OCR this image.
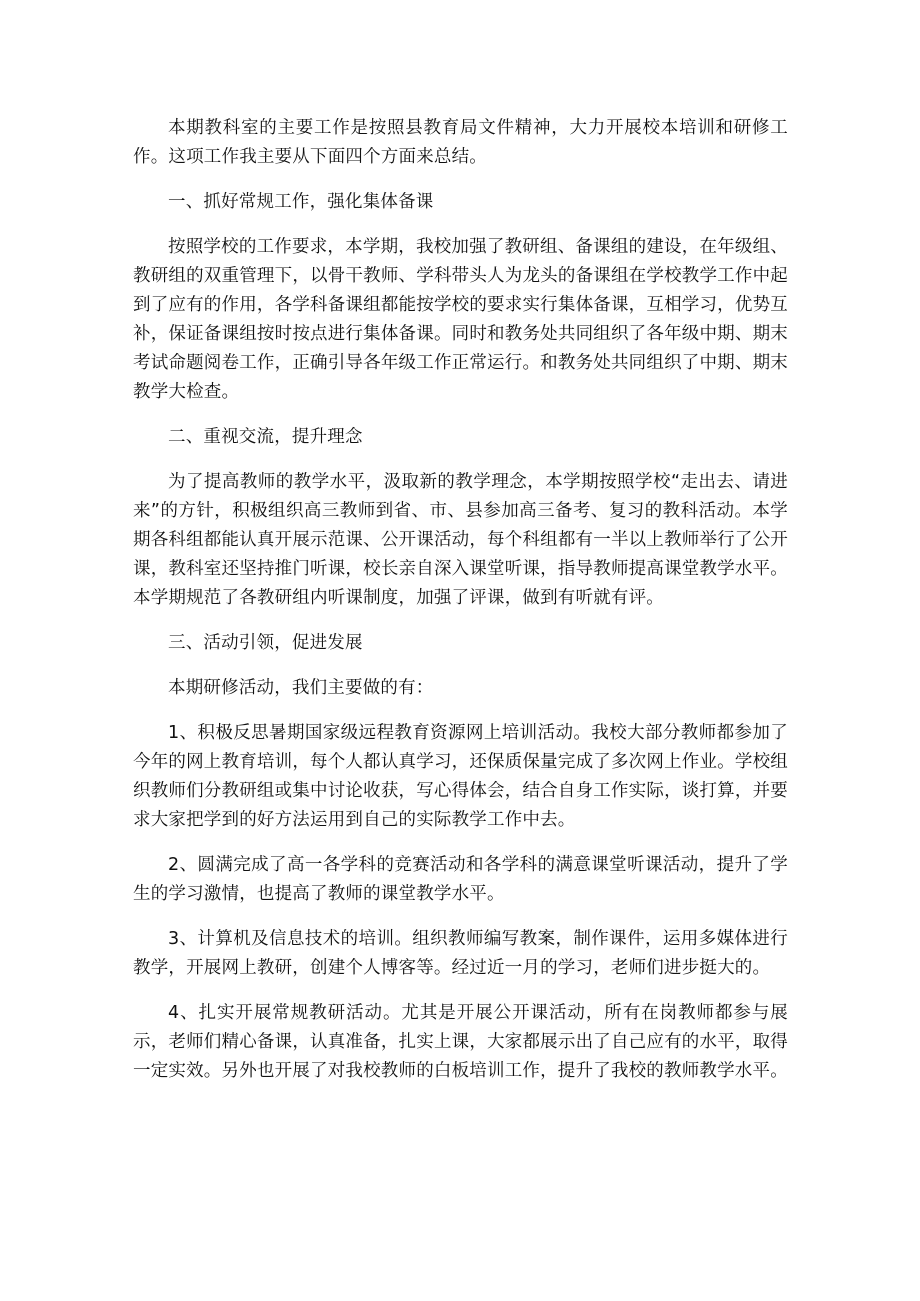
本期教科室的主要工作是按照县教育局文件精神，大力开展校本培训和研修工作。这项工作我主要从下面四个方面来总结。

一、抓好常规工作，强化集体备课

按照学校的工作要求，本学期，我校加强了教研组、备课组的建设，在年级组、教研组的双重管理下，以骨干教师、学科带头人为龙头的备课组在学校教学工作中起到了应有的作用，各学科备课组都能按学校的要求实行集体备课，互相学习，优势互补，保证备课组按时按点进行集体备课。同时和教务处共同组织了各年级中期、期末考试命题阅卷工作，正确引导各年级工作正常运行。和教务处共同组织了中期、期末教学大检查。

二、重视交流，提升理念

为了提高教师的教学水平，汲取新的教学理念，本学期按照学校“走出去、请进来”的方针，积极组织高三教师到省、市、县参加高三备考、复习的教科活动。本学期各科组都能认真开展示范课、公开课活动，每个科组都有一半以上教师举行了公开课，教科室还坚持推门听课，校长亲自深入课堂听课，指导教师提高课堂教学水平。本学期规范了各教研组内听课制度，加强了评课，做到有听就有评。

三、活动引领，促进发展

本期研修活动，我们主要做的有：

1、积极反思暑期国家级远程教育资源网上培训活动。我校大部分教师都参加了今年的网上教育培训，每个人都认真学习，还保质保量完成了多次网上作业。学校组织教师们分教研组或集中讨论收获，写心得体会，结合自身工作实际，谈打算，并要求大家把学到的好方法运用到自己的实际教学工作中去。

2、圆满完成了高一各学科的竞赛活动和各学科的满意课堂听课活动，提升了学生的学习激情，也提高了教师的课堂教学水平。

3、计算机及信息技术的培训。组织教师编写教案，制作课件，运用多媒体进行教学，开展网上教研，创建个人博客等。经过近一月的学习，老师们进步挺大的。

4、扎实开展常规教研活动。尤其是开展公开课活动，所有在岗教师都参与展示，老师们精心备课，认真准备，扎实上课，大家都展示出了自己应有的水平，取得一定实效。另外也开展了对我校教师的白板培训工作，提升了我校的教师教学水平。
